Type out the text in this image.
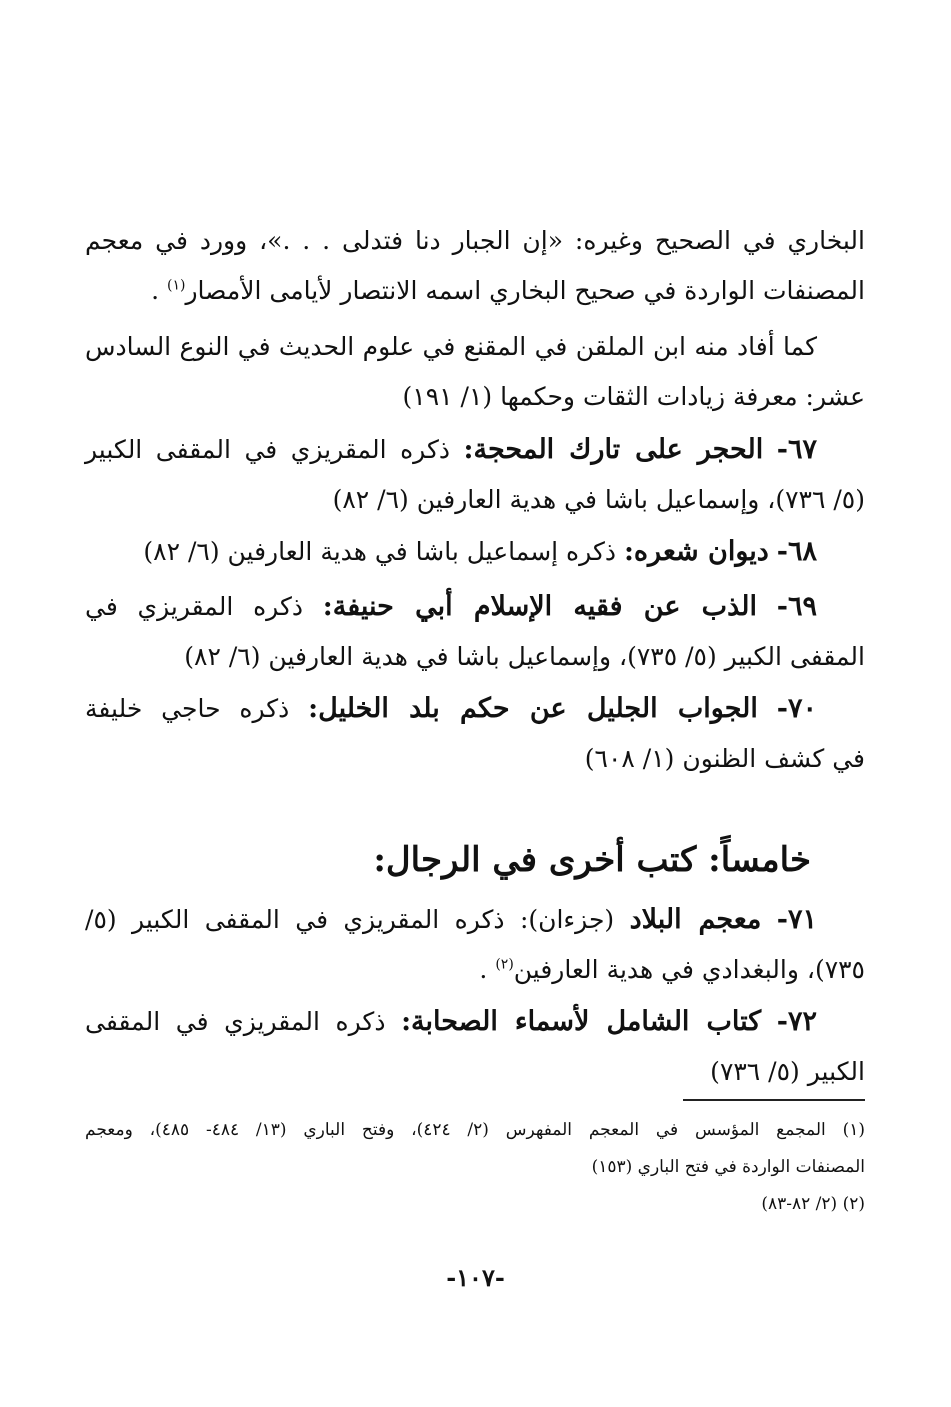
البخاري في الصحيح وغيره: «إن الجبار دنا فتدلى . . .»، وورد في معجم
المصنفات الواردة في صحيح البخاري اسمه الانتصار لأيامى الأمصار$^{(١)}$ .
كما أفاد منه ابن الملقن في المقنع في علوم الحديث في النوع السادس
عشر: معرفة زيادات الثقات وحكمها (١/ ١٩١)
٦٧- الحجر على تارك المحجة: ذكره المقريزي في المقفى الكبير
(٥/ ٧٣٦)، وإسماعيل باشا في هدية العارفين (٦/ ٨٢)
٦٨- ديوان شعره: ذكره إسماعيل باشا في هدية العارفين (٦/ ٨٢)
٦٩- الذب عن فقيه الإسلام أبي حنيفة: ذكره المقريزي في
المقفى الكبير (٥/ ٧٣٥)، وإسماعيل باشا في هدية العارفين (٦/ ٨٢)
٧٠- الجواب الجليل عن حكم بلد الخليل: ذكره حاجي خليفة
في كشف الظنون (١/ ٦٠٨)
خامساً: كتب أخرى في الرجال:
٧١- معجم البلاد (جزءان): ذكره المقريزي في المقفى الكبير (٥/
٧٣٥)، والبغدادي في هدية العارفين$^{(٢)}$ .
٧٢- كتاب الشامل لأسماء الصحابة: ذكره المقريزي في المقفى
الكبير (٥/ ٧٣٦)
(١) المجمع المؤسس في المعجم المفهرس (٢/ ٤٢٤)، وفتح الباري (١٣/ ٤٨٤- ٤٨٥)، ومعجم
المصنفات الواردة في فتح الباري (١٥٣)
(٢) (٢/ ٨٢-٨٣)
-١٠٧-
